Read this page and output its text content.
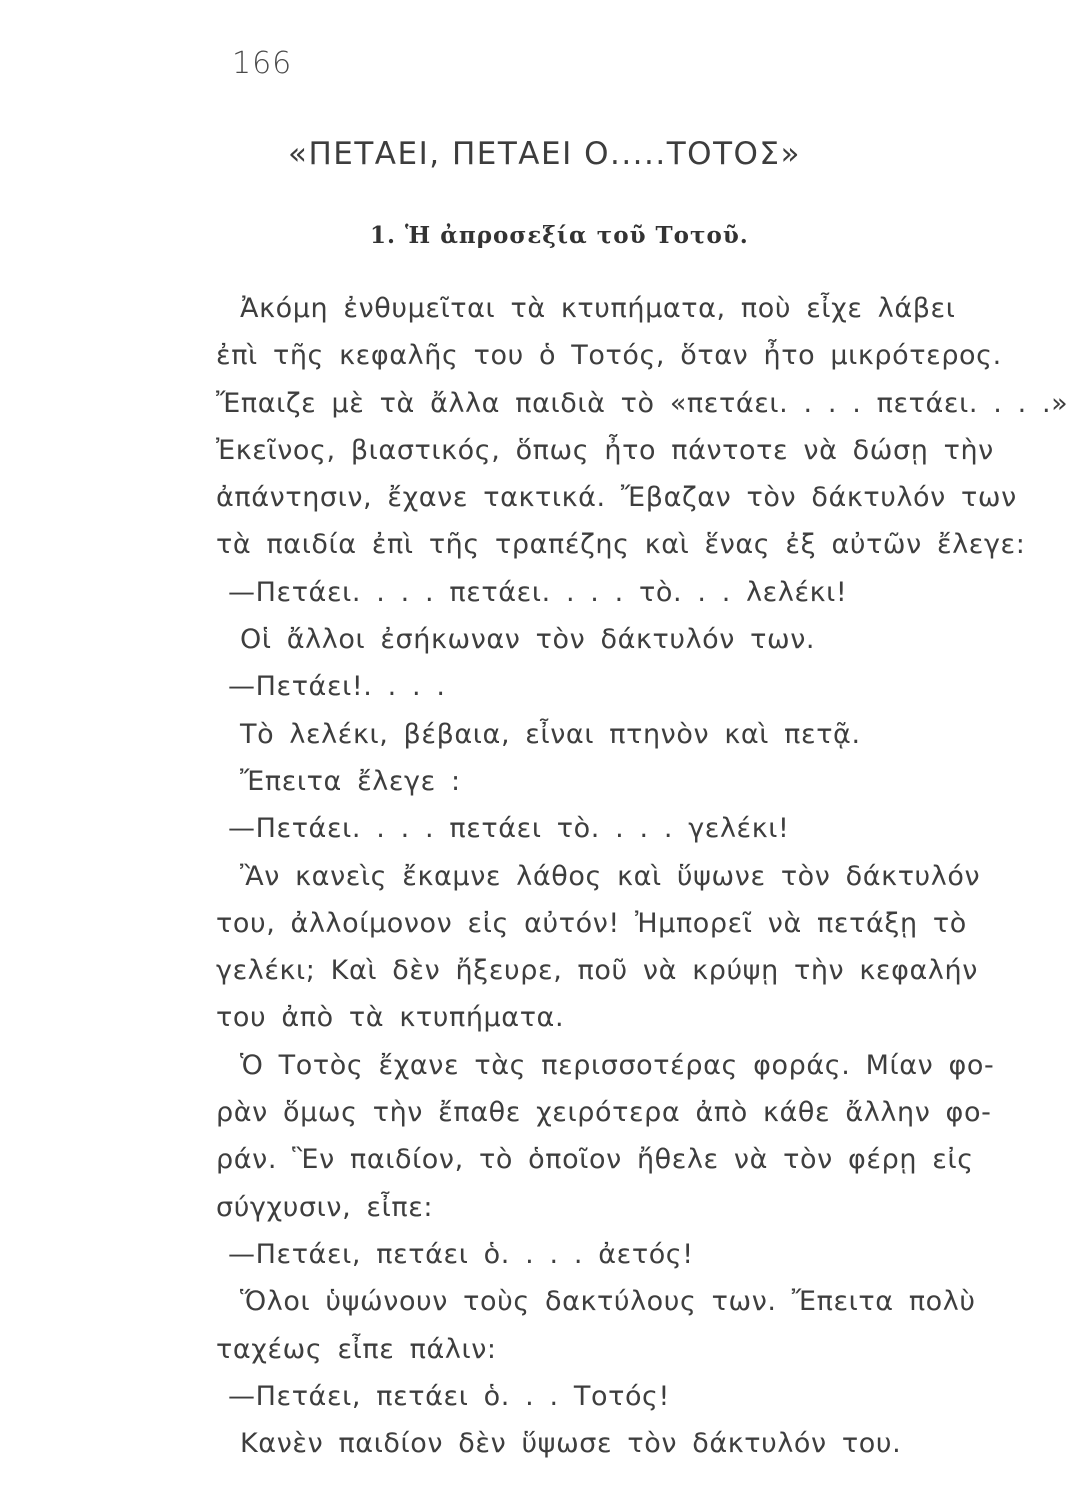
166
«ΠΕΤΑΕΙ, ΠΕΤΑΕΙ Ο.....ΤΟΤΟΣ»
1. Ἡ ἀπροσεξία τοῦ Τοτοῦ.
Ἀκόμη ἐνθυμεῖται τὰ κτυπήματα, ποὺ εἶχε λάβει
ἐπὶ τῆς κεφαλῆς του ὁ Τοτός, ὅταν ἦτο μικρότερος.
Ἔπαιζε μὲ τὰ ἄλλα παιδιὰ τὸ «πετάει. . . . πετάει. . . .»
Ἐκεῖνος, βιαστικός, ὅπως ἦτο πάντοτε νὰ δώσῃ τὴν
ἀπάντησιν, ἔχανε τακτικά. Ἔβαζαν τὸν δάκτυλόν των
τὰ παιδία ἐπὶ τῆς τραπέζης καὶ ἕνας ἐξ αὐτῶν ἔλεγε:
—Πετάει. . . . πετάει. . . . τὸ. . . λελέκι!
Οἱ ἄλλοι ἐσήκωναν τὸν δάκτυλόν των.
—Πετάει!. . . .
Τὸ λελέκι, βέβαια, εἶναι πτηνὸν καὶ πετᾷ.
Ἔπειτα ἔλεγε :
—Πετάει. . . . πετάει τὸ. . . . γελέκι!
Ἂν κανεὶς ἔκαμνε λάθος καὶ ὕψωνε τὸν δάκτυλόν
του, ἀλλοίμονον εἰς αὐτόν! Ἠμπορεῖ νὰ πετάξῃ τὸ
γελέκι; Καὶ δὲν ἤξευρε, ποῦ νὰ κρύψῃ τὴν κεφαλήν
του ἀπὸ τὰ κτυπήματα.
Ὁ Τοτὸς ἔχανε τὰς περισσοτέρας φοράς. Μίαν φο-
ρὰν ὅμως τὴν ἔπαθε χειρότερα ἀπὸ κάθε ἄλλην φο-
ράν. Ἓν παιδίον, τὸ ὁποῖον ἤθελε νὰ τὸν φέρῃ εἰς
σύγχυσιν, εἶπε:
—Πετάει, πετάει ὁ. . . . ἀετός!
Ὅλοι ὑψώνουν τοὺς δακτύλους των. Ἔπειτα πολὺ
ταχέως εἶπε πάλιν:
—Πετάει, πετάει ὁ. . . Τοτός!
Κανὲν παιδίον δὲν ὕψωσε τὸν δάκτυλόν του.
